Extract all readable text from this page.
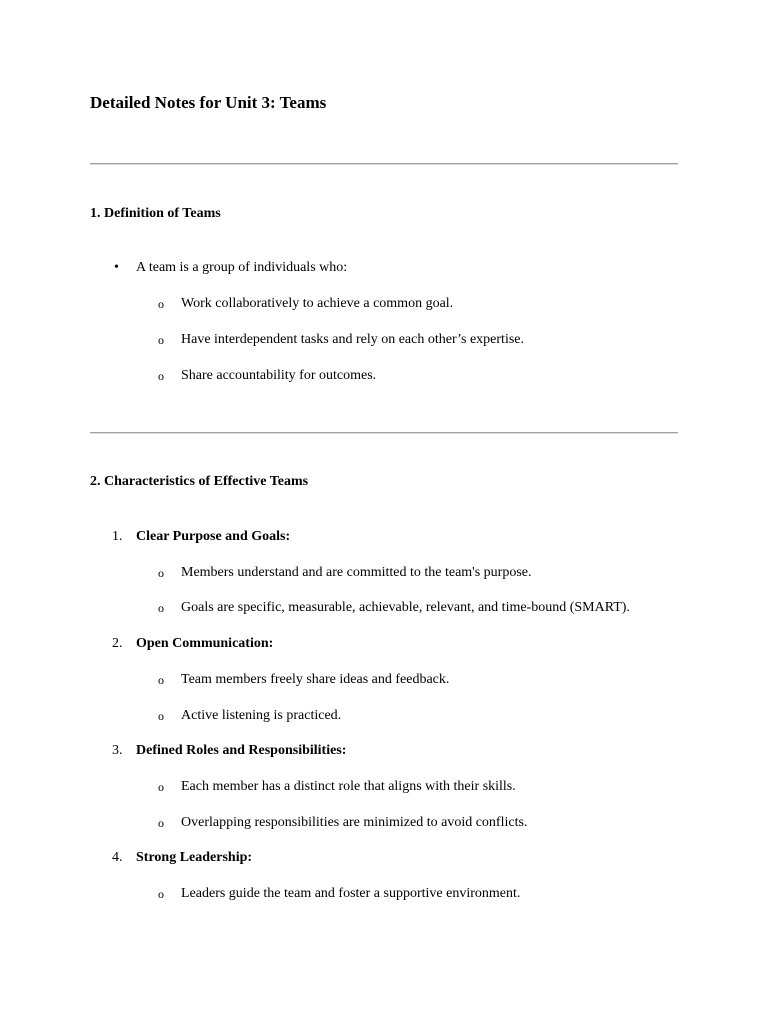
Detailed Notes for Unit 3: Teams
1. Definition of Teams
• A team is a group of individuals who:
o Work collaboratively to achieve a common goal.
o Have interdependent tasks and rely on each other’s expertise.
o Share accountability for outcomes.
2. Characteristics of Effective Teams
1. Clear Purpose and Goals:
o Members understand and are committed to the team's purpose.
o Goals are specific, measurable, achievable, relevant, and time-bound (SMART).
2. Open Communication:
o Team members freely share ideas and feedback.
o Active listening is practiced.
3. Defined Roles and Responsibilities:
o Each member has a distinct role that aligns with their skills.
o Overlapping responsibilities are minimized to avoid conflicts.
4. Strong Leadership:
o Leaders guide the team and foster a supportive environment.
